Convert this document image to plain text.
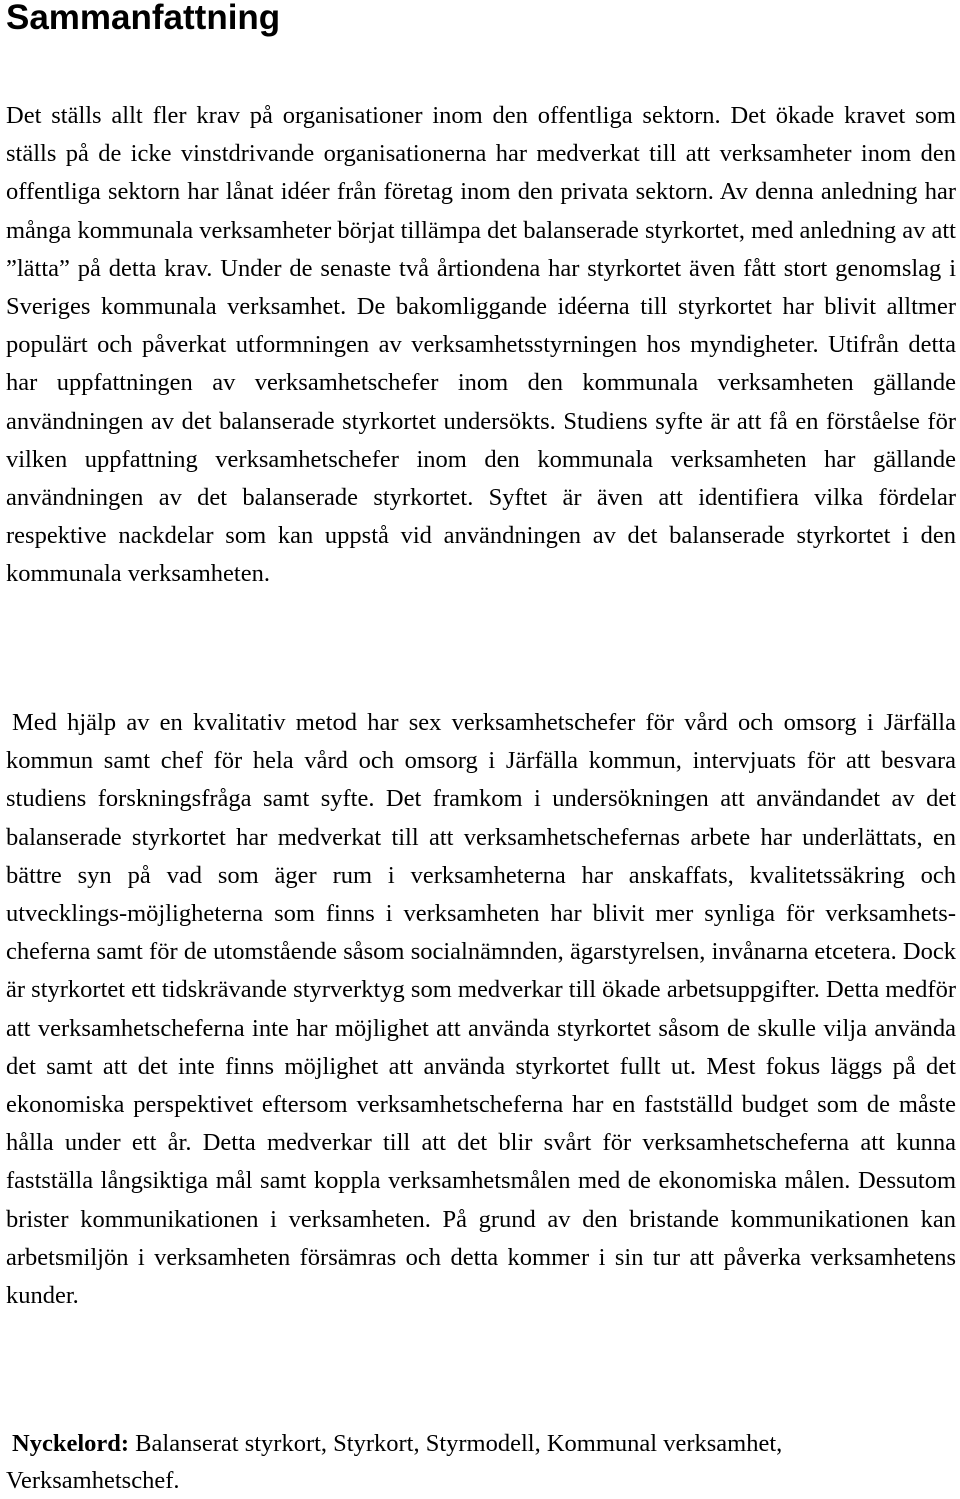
Sammanfattning

Det ställs allt fler krav på organisationer inom den offentliga sektorn. Det ökade kravet som ställs på de icke vinstdrivande organisationerna har medverkat till att verksamheter inom den offentliga sektorn har lånat idéer från företag inom den privata sektorn. Av denna anledning har många kommunala verksamheter börjat tillämpa det balanserade styrkortet, med anledning av att ”lätta” på detta krav. Under de senaste två årtiondena har styrkortet även fått stort genomslag i Sveriges kommunala verksamhet. De bakomliggande idéerna till styrkortet har blivit alltmer populärt och påverkat utformningen av verksamhetsstyrningen hos myndigheter. Utifrån detta har uppfattningen av verksamhetschefer inom den kommunala verksamheten gällande användningen av det balanserade styrkortet undersökts. Studiens syfte är att få en förståelse för vilken uppfattning verksamhetschefer inom den kommunala verksamheten har gällande användningen av det balanserade styrkortet. Syftet är även att identifiera vilka fördelar respektive nackdelar som kan uppstå vid användningen av det balanserade styrkortet i den kommunala verksamheten.

Med hjälp av en kvalitativ metod har sex verksamhetschefer för vård och omsorg i Järfälla kommun samt chef för hela vård och omsorg i Järfälla kommun, intervjuats för att besvara studiens forskningsfråga samt syfte. Det framkom i undersökningen att användandet av det balanserade styrkortet har medverkat till att verksamhetschefernas arbete har underlättats, en bättre syn på vad som äger rum i verksamheterna har anskaffats, kvalitetssäkring och utvecklings-möjligheterna som finns i verksamheten har blivit mer synliga för verksamhets-cheferna samt för de utomstående såsom socialnämnden, ägarstyrelsen, invånarna etcetera. Dock är styrkortet ett tidskrävande styrverktyg som medverkar till ökade arbetsuppgifter. Detta medför att verksamhetscheferna inte har möjlighet att använda styrkortet såsom de skulle vilja använda det samt att det inte finns möjlighet att använda styrkortet fullt ut. Mest fokus läggs på det ekonomiska perspektivet eftersom verksamhetscheferna har en fastställd budget som de måste hålla under ett år. Detta medverkar till att det blir svårt för verksamhetscheferna att kunna fastställa långsiktiga mål samt koppla verksamhetsmålen med de ekonomiska målen. Dessutom brister kommunikationen i verksamheten. På grund av den bristande kommunikationen kan arbetsmiljön i verksamheten försämras och detta kommer i sin tur att påverka verksamhetens kunder.

Nyckelord: Balanserat styrkort, Styrkort, Styrmodell, Kommunal verksamhet, Verksamhetschef.
